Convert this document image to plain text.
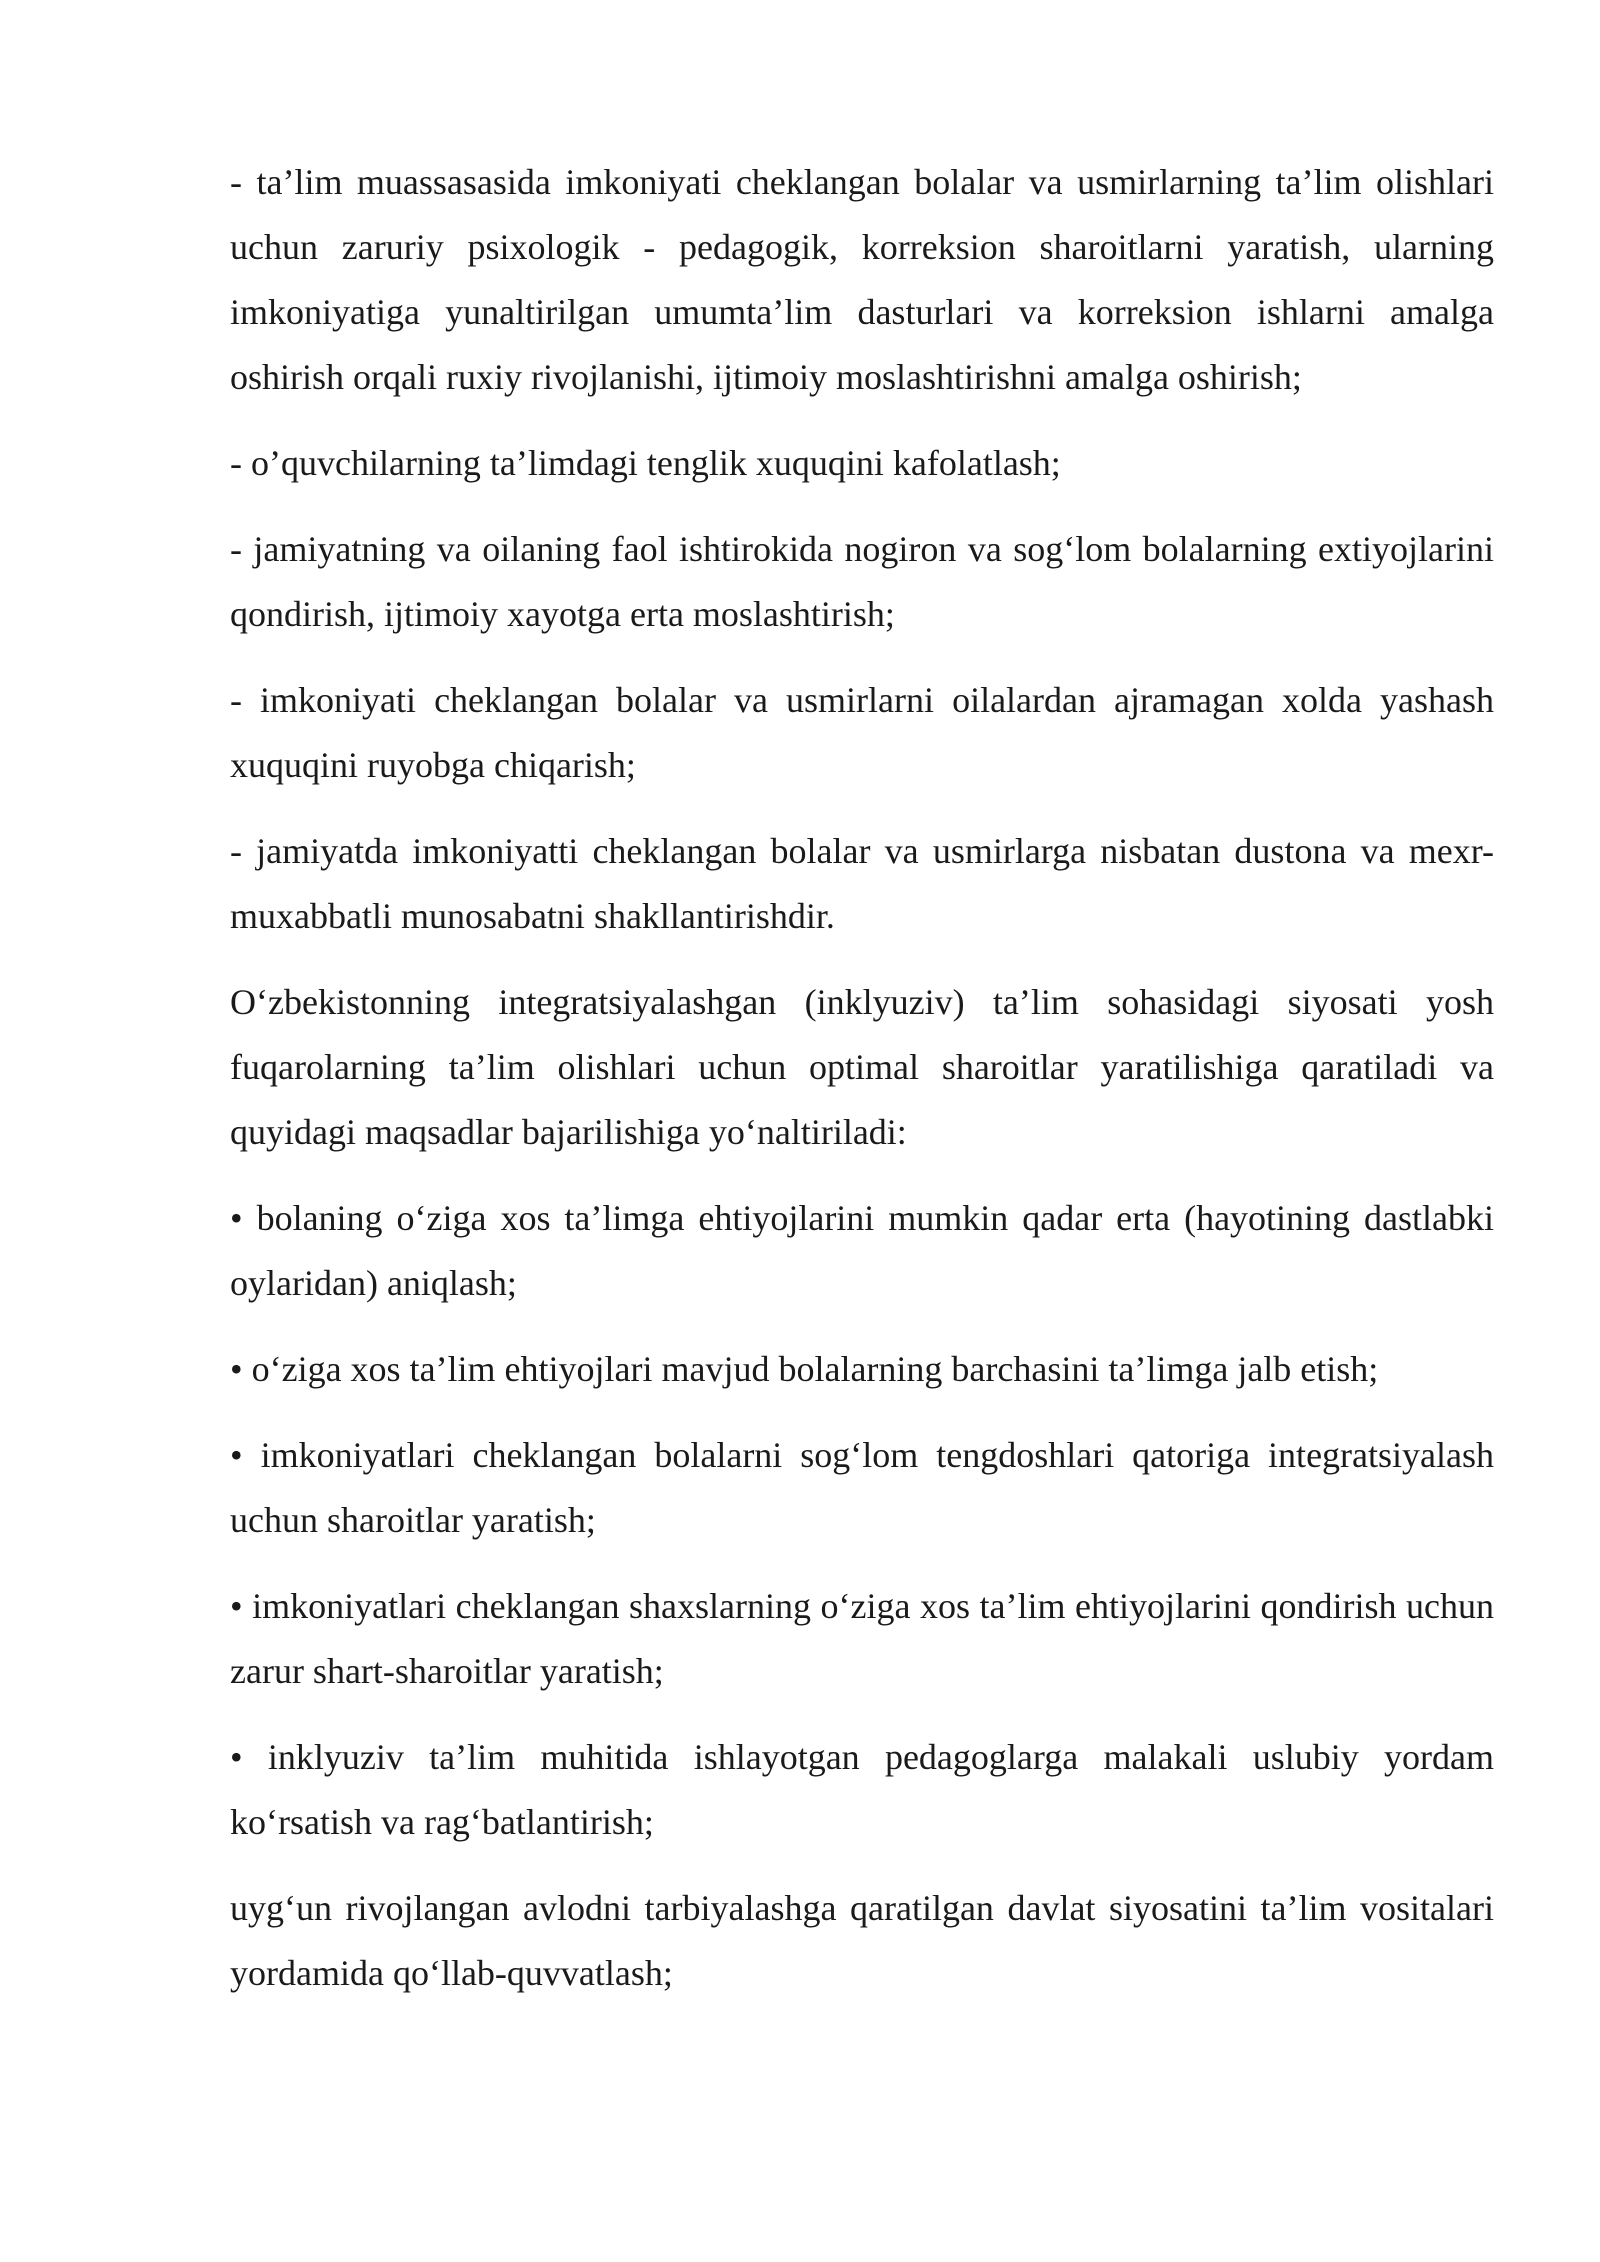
- ta’lim muassasasida imkoniyati cheklangan bolalar va usmirlarning ta’lim olishlari uchun zaruriy psixologik - pedagogik, korreksion sharoitlarni yaratish, ularning imkoniyatiga yunaltirilgan umumta’lim dasturlari va korreksion ishlarni amalga oshirish orqali ruxiy rivojlanishi, ijtimoiy moslashtirishni amalga oshirish;

- o’quvchilarning ta’limdagi tenglik xuquqini kafolatlash;

- jamiyatning va oilaning faol ishtirokida nogiron va sog‘lom bolalarning extiyojlarini qondirish, ijtimoiy xayotga erta moslashtirish;

- imkoniyati cheklangan bolalar va usmirlarni oilalardan ajramagan xolda yashash xuquqini ruyobga chiqarish;

- jamiyatda imkoniyatti cheklangan bolalar va usmirlarga nisbatan dustona va mexr-muxabbatli munosabatni shakllantirishdir.

O‘zbekistonning integratsiyalashgan (inklyuziv) ta’lim sohasidagi siyosati yosh fuqarolarning ta’lim olishlari uchun optimal sharoitlar yaratilishiga qaratiladi va quyidagi maqsadlar bajarilishiga yo‘naltiriladi:

• bolaning o‘ziga xos ta’limga ehtiyojlarini mumkin qadar erta (hayotining dastlabki oylaridan) aniqlash;

• o‘ziga xos ta’lim ehtiyojlari mavjud bolalarning barchasini ta’limga jalb etish;

• imkoniyatlari cheklangan bolalarni sog‘lom tengdoshlari qatoriga integratsiyalash uchun sharoitlar yaratish;

• imkoniyatlari cheklangan shaxslarning o‘ziga xos ta’lim ehtiyojlarini qondirish uchun zarur shart-sharoitlar yaratish;

• inklyuziv ta’lim muhitida ishlayotgan pedagoglarga malakali uslubiy yordam ko‘rsatish va rag‘batlantirish;

uyg‘un rivojlangan avlodni tarbiyalashga qaratilgan davlat siyosatini ta’lim vositalari yordamida qo‘llab-quvvatlash;
